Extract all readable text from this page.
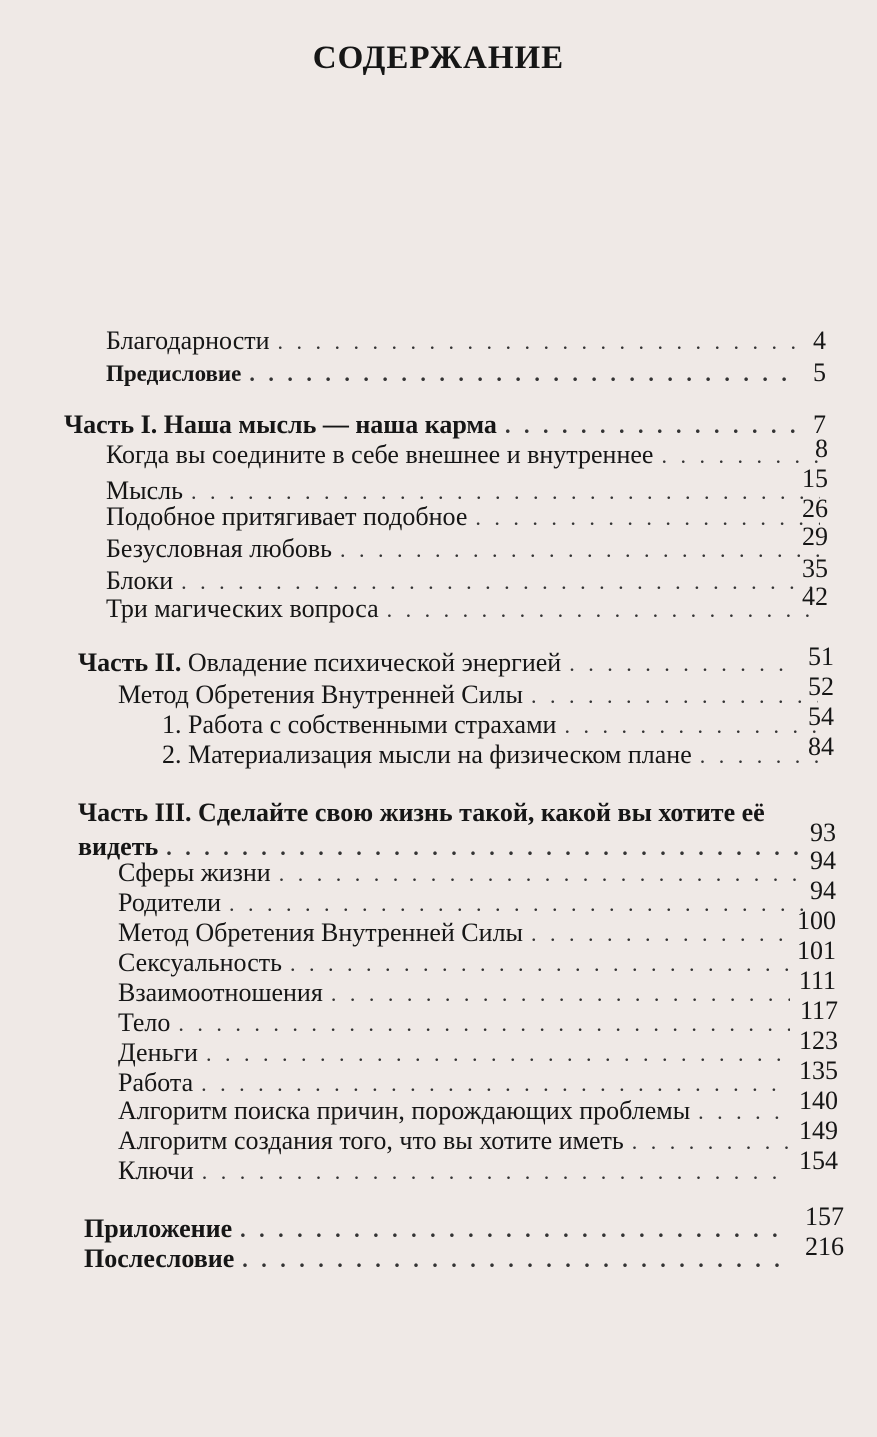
СОДЕРЖАНИЕ
Благодарности . . .	4
Предисловие . . .	5
Часть I. Наша мысль — наша карма . . .	7
Когда вы соедините в себе внешнее и внутреннее . . .	8
Мысль . . .	15
Подобное притягивает подобное . . .	26
Безусловная любовь . . .	29
Блоки . . .	35
Три магических вопроса . . .	42
Часть II. Овладение психической энергией . . .	51
Метод Обретения Внутренней Силы . . .	52
1. Работа с собственными страхами . . .	54
2. Материализация мысли на физическом плане . . .	84
Часть III. Сделайте свою жизнь такой, какой вы хотите её
видеть
. . .	93
Сферы жизни . . .	94
Родители . . .	94
Метод Обретения Внутренней Силы . . .	100
Сексуальность . . .	101
Взаимоотношения . . .	111
Тело . . .	117
Деньги . . .	123
Работа . . .	135
Алгоритм поиска причин, порождающих проблемы . . .	140
Алгоритм создания того, что вы хотите иметь . . .	149
Ключи . . .	154
Приложение . . .	157
Послесловие . . .	216
